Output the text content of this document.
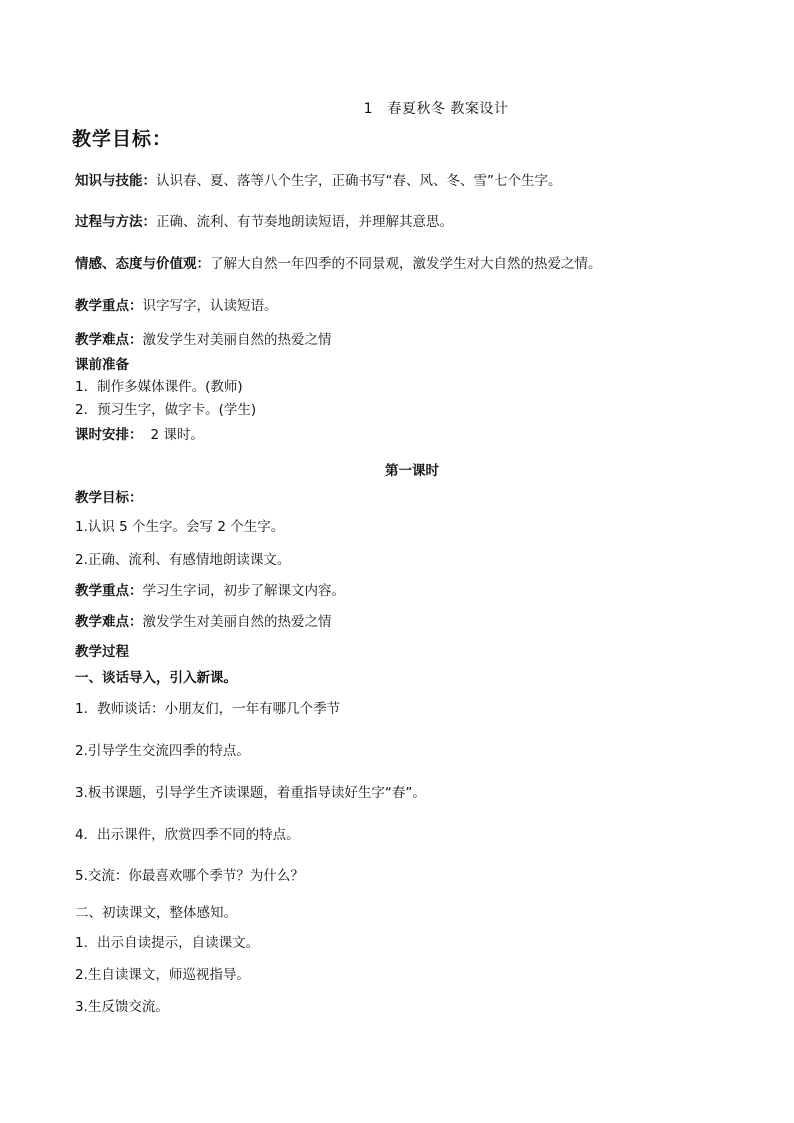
1　春夏秋冬 教案设计
教学目标：
知识与技能：认识春、夏、落等八个生字，正确书写“春、风、冬、雪”七个生字。
过程与方法：正确、流利、有节奏地朗读短语，并理解其意思。
情感、态度与价值观：了解大自然一年四季的不同景观，激发学生对大自然的热爱之情。
教学重点：识字写字，认读短语。
教学难点：激发学生对美丽自然的热爱之情
课前准备
1．制作多媒体课件。(教师)
2．预习生字，做字卡。(学生)
课时安排： 2 课时。
第一课时
教学目标：
1.认识 5 个生字。会写 2 个生字。
2.正确、流利、有感情地朗读课文。
教学重点：学习生字词，初步了解课文内容。
教学难点：激发学生对美丽自然的热爱之情
教学过程
一、谈话导入，引入新课。
1．教师谈话：小朋友们，一年有哪几个季节
2.引导学生交流四季的特点。
3.板书课题，引导学生齐读课题，着重指导读好生字“春”。
4．出示课件，欣赏四季不同的特点。
5.交流：你最喜欢哪个季节？为什么？
二、初读课文，整体感知。
1．出示自读提示，自读课文。
2.生自读课文，师巡视指导。
3.生反馈交流。
